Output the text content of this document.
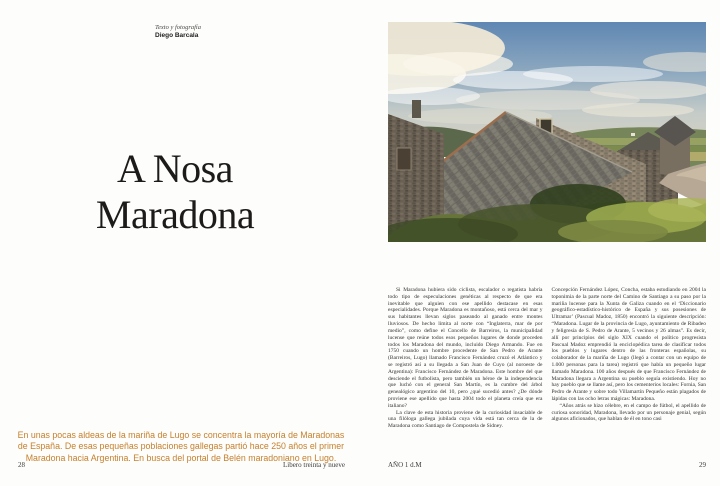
Texto y fotografía
Diego Barcala
A Nosa
Maradona

En unas pocas aldeas de la mariña de Lugo se concentra la mayoría de Maradonas de España. De esas pequeñas poblaciones gallegas partió hace 250 años el primer Maradona hacia Argentina. En busca del portal de Belén maradoniano en Lugo.

28	Libero treinta y nueve

Si Maradona hubiera sido ciclista, escalador o regatista habría todo tipo de especulaciones genéticas al respecto de que era inevitable que alguien con ese apellido destacase en esas especialidades. Porque Maradona es montañoso, está cerca del mar y sus habitantes llevan siglos paseando al ganado entre montes lluviosos. De hecho limita al norte con “Inglaterra, mar de por medio”, como define el Concello de Barreiros, la municipalidad lucense que reúne todos esos pequeños lugares de donde proceden todos los Maradona del mundo, incluido Diego Armando. Fue en 1750 cuando un hombre procedente de San Pedro de Arante (Barreiros, Lugo) llamado Francisco Fernández cruzó el Atlántico y se registró así a su llegada a San Juan de Cuyo (al noroeste de Argentina): Francisco Fernández de Maradona. Este hombre del que desciende el futbolista, pero también un héroe de la independencia que luchó con el general San Martín, es la cumbre del árbol genealógico argentino del 10, pero ¿qué sucedió antes? ¿De dónde proviene ese apellido que hasta 2004 todo el planeta creía que era italiano?

La clave de esta historia proviene de la curiosidad insaciable de una filóloga gallega jubilada cuya vida está tan cerca de la de Maradona como Santiago de Compostela de Sidney.

Concepción Fernández López, Concha, estaba estudiando en 2004 la toponimia de la parte norte del Camino de Santiago a su paso por la mariña lucense para la Xunta de Galiza cuando en el ‘Diccionario geográfico-estadístico-histórico de España y sus posesiones de Ultramar’ (Pascual Madoz, 1850) encontró la siguiente descripción: “Maradona. Lugar de la provincia de Lugo, ayuntamiento de Ribadeo y feligresía de S. Pedro de Arante, 5 vecinos y 26 almas”. Es decir, allí por principios del siglo XIX cuando el político progresista Pascual Madoz emprendió la enciclopédica tarea de clasificar todos los pueblos y lugares dentro de las fronteras españolas, su colaborador de la mariña de Lugo (llegó a contar con un equipo de 1.000 personas para la tarea) registró que había un pequeño lugar llamado Maradona. 100 años después de que Francisco Fernández de Maradona llegara a Argentina su pueblo seguía existiendo. Hoy no hay pueblo que se llame así, pero los cementerios locales: Fornia, San Pedro de Arante y sobre todo Villamartín Pequeño están plagados de lápidas con las ocho letras mágicas: Maradona.

“Años atrás se hizo célebre, en el campo de fútbol, el apellido de curiosa sonoridad, Maradona, llevado por un personaje genial, según algunos aficionados, que hablan de él en tono casi

AÑO 1 d.M	29
